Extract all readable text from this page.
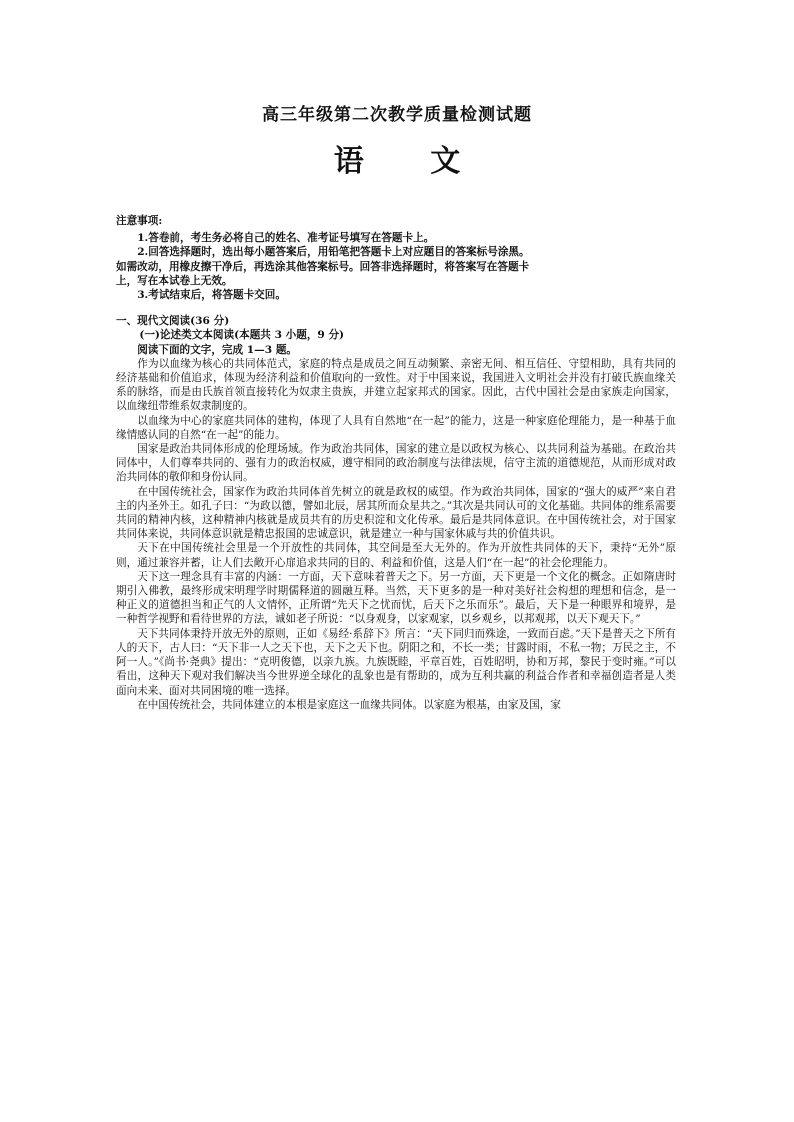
高三年级第二次教学质量检测试题
语 文

注意事项:

1.答卷前，考生务必将自己的姓名、准考证号填写在答题卡上。

2.回答选择题时，选出每小题答案后，用铅笔把答题卡上对应题目的答案标号涂黑。

如需改动，用橡皮擦干净后，再选涂其他答案标号。回答非选择题时，将答案写在答题卡

上，写在本试卷上无效。

3.考试结束后，将答题卡交回。

一、现代文阅读(36 分)

(一)论述类文本阅读(本题共 3 小题，9 分)

阅读下面的文字，完成 1—3 题。

作为以血缘为核心的共同体范式，家庭的特点是成员之间互动频繁、亲密无间、相互信任、守望相助，具有共同的经济基础和价值追求，体现为经济利益和价值取向的一致性。对于中国来说，我国进入文明社会并没有打破氏族血缘关系的脉络，而是由氏族首领直接转化为奴隶主贵族，并建立起家邦式的国家。因此，古代中国社会是由家族走向国家，以血缘纽带维系奴隶制度的。

以血缘为中心的家庭共同体的建构，体现了人具有自然地“在一起”的能力，这是一种家庭伦理能力，是一种基于血缘情感认同的自然“在一起”的能力。

国家是政治共同体形成的伦理场域。作为政治共同体，国家的建立是以政权为核心、以共同利益为基础。在政治共同体中，人们尊奉共同的、强有力的政治权威，遵守相同的政治制度与法律法规，信守主流的道德规范，从而形成对政治共同体的敬仰和身份认同。

在中国传统社会，国家作为政治共同体首先树立的就是政权的威望。作为政治共同体，国家的“强大的威严”来自君主的内圣外王。如孔子曰：“为政以德，譬如北辰，居其所而众星共之。”其次是共同认可的文化基础。共同体的维系需要共同的精神内核，这种精神内核就是成员共有的历史积淀和文化传承。最后是共同体意识。在中国传统社会，对于国家共同体来说，共同体意识就是精忠报国的忠诚意识，就是建立一种与国家休戚与共的价值共识。

天下在中国传统社会里是一个开放性的共同体，其空间是至大无外的。作为开放性共同体的天下，秉持“无外”原则，通过兼容并蓄，让人们去敞开心扉追求共同的目的、利益和价值，这是人们“在一起”的社会伦理能力。

天下这一理念具有丰富的内涵：一方面，天下意味着普天之下。另一方面，天下更是一个文化的概念。正如隋唐时期引入佛教，最终形成宋明理学时期儒释道的圆融互释。当然，天下更多的是一种对美好社会构想的理想和信念，是一种正义的道德担当和正气的人文情怀，正所谓“先天下之忧而忧，后天下之乐而乐”。最后，天下是一种眼界和境界，是一种哲学视野和看待世界的方法，诚如老子所说：“以身观身，以家观家，以乡观乡，以邦观邦，以天下观天下。”

天下共同体秉持开放无外的原则，正如《易经·系辞下》所言：“天下同归而殊途，一致而百虑。”天下是普天之下所有人的天下，古人曰：“天下非一人之天下也，天下之天下也。阴阳之和，不长一类；甘露时雨，不私一物；万民之主，不阿一人。”《尚书·尧典》提出：“克明俊德，以亲九族。九族既睦，平章百姓，百姓昭明，协和万邦，黎民于变时雍。”可以看出，这种天下观对我们解决当今世界逆全球化的乱象也是有帮助的，成为互利共赢的利益合作者和幸福创造者是人类面向未来、面对共同困境的唯一选择。

在中国传统社会，共同体建立的本根是家庭这一血缘共同体。以家庭为根基，由家及国，家
